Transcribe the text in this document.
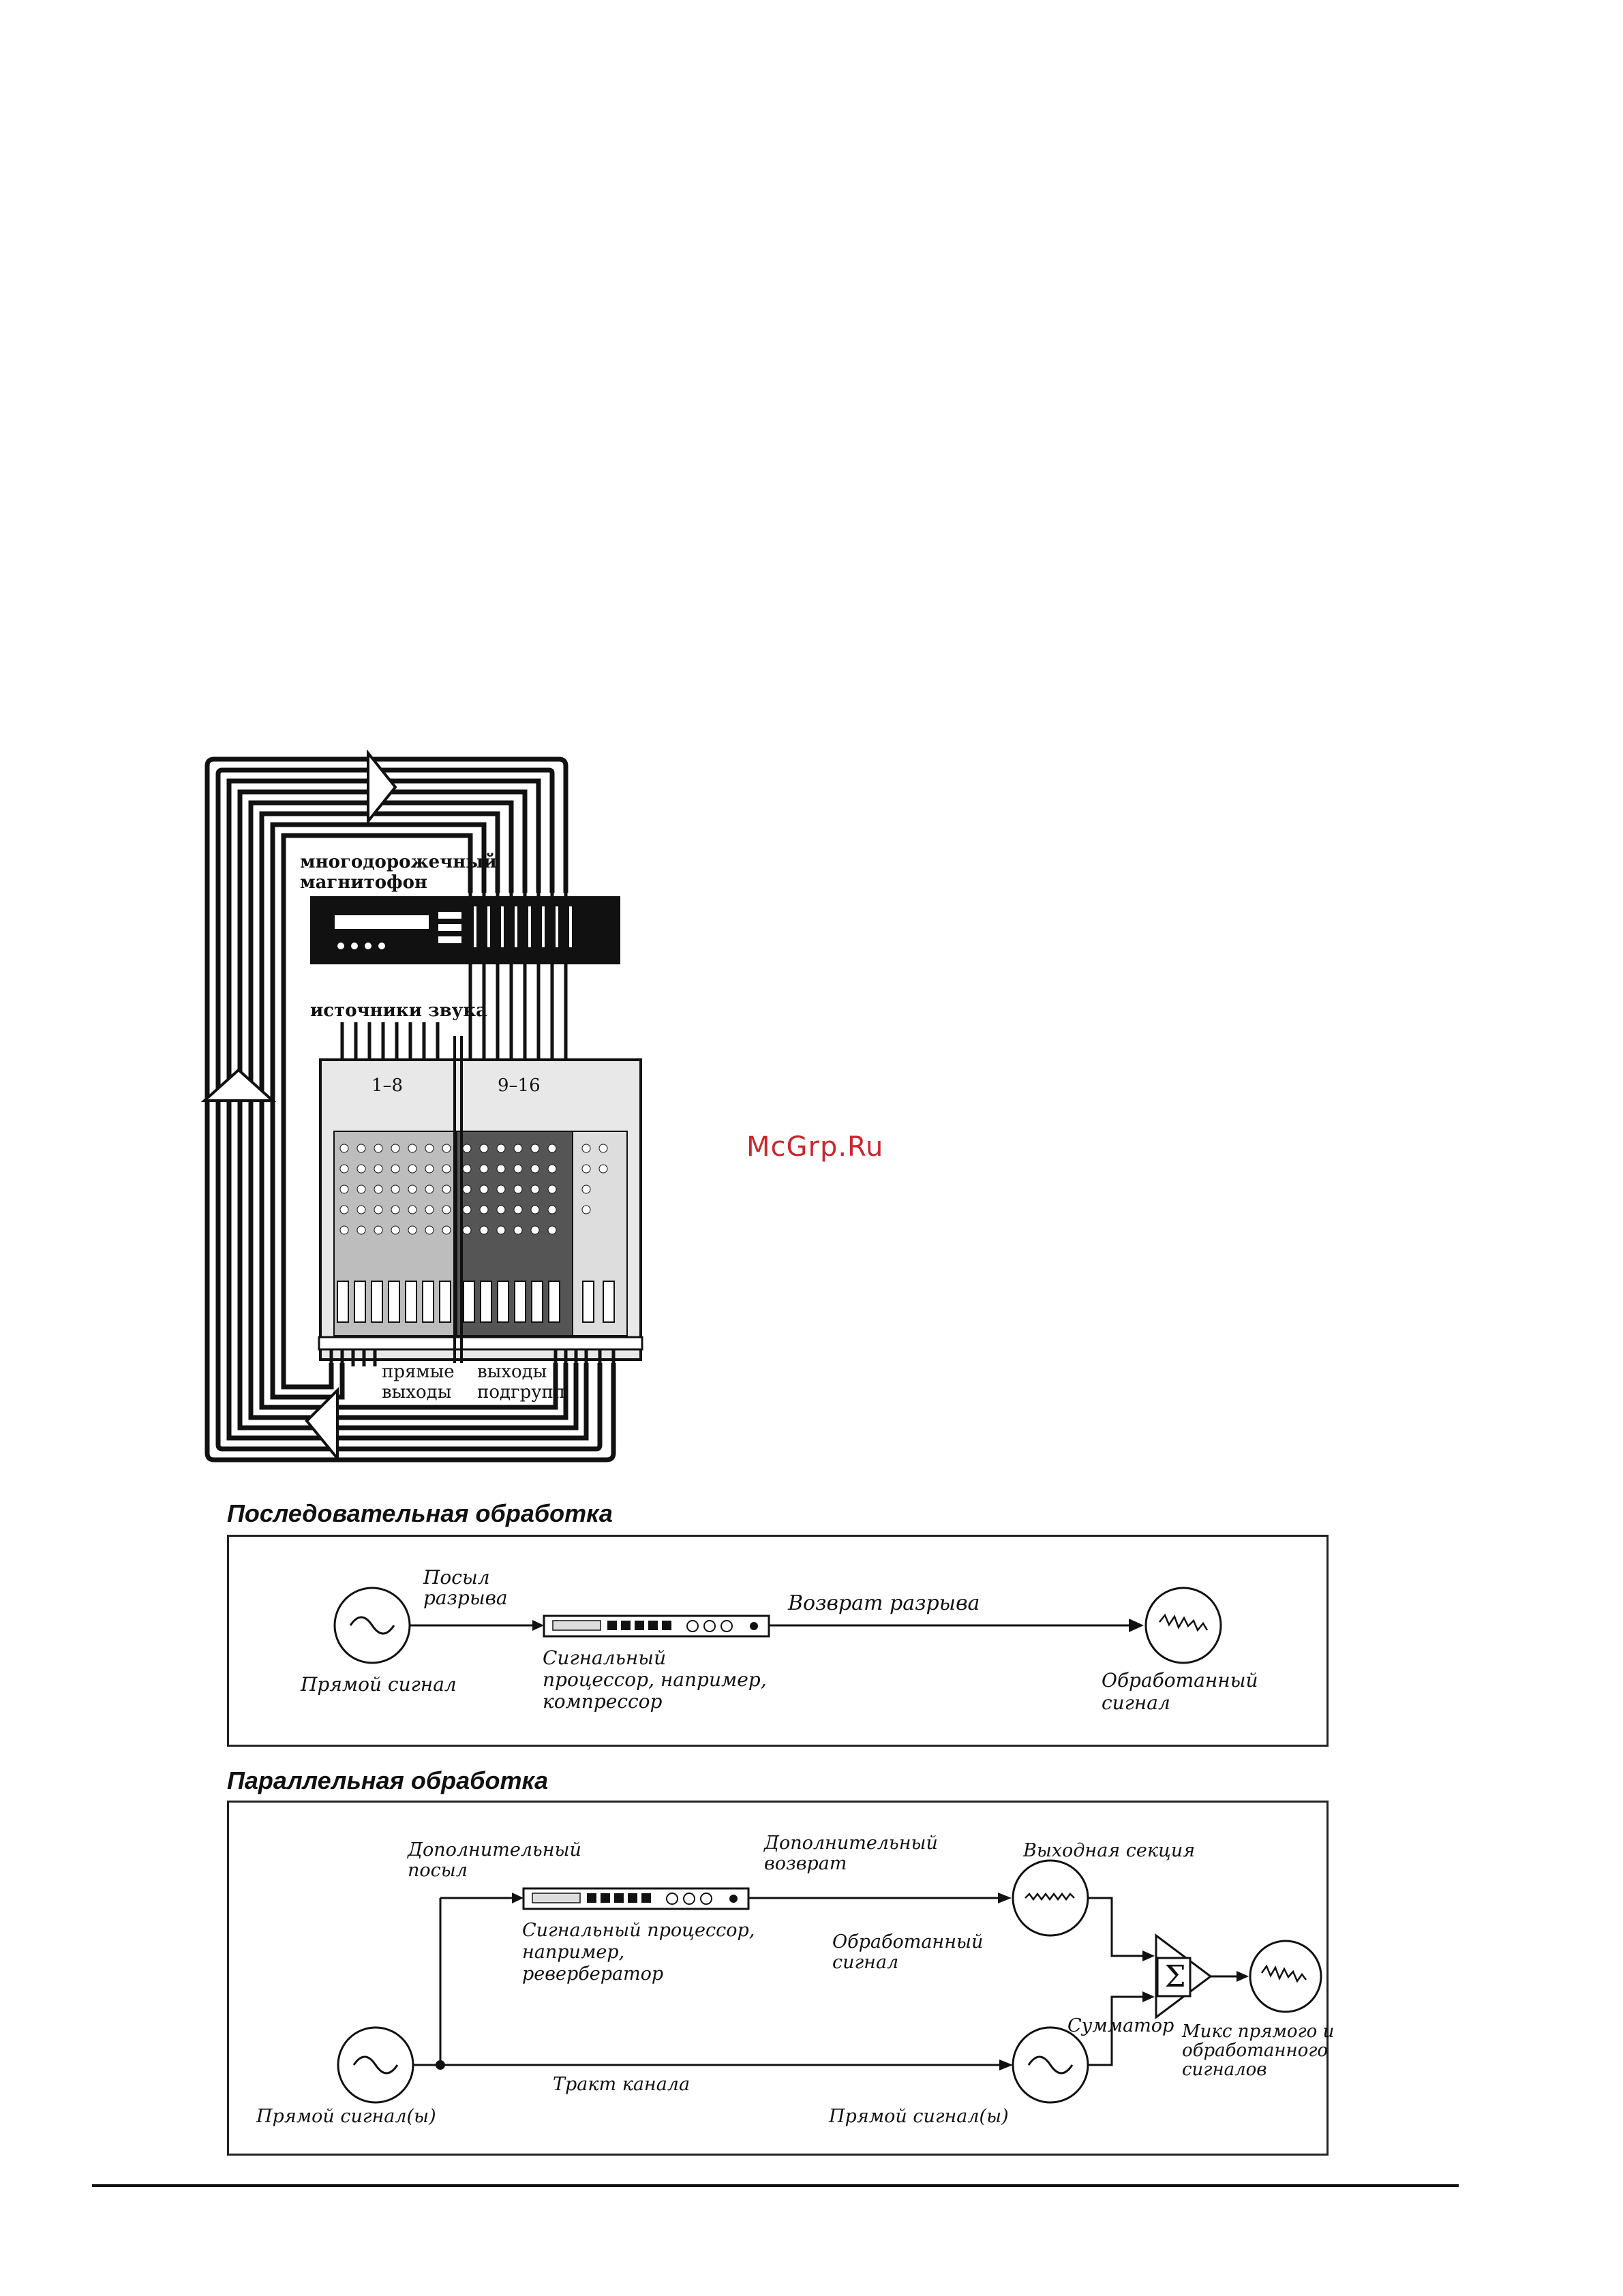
многодорожечный магнитофон
источники звука
1–8	9–16
прямые выходы
выходы подгрупп
McGrp.Ru
Последовательная обработка
Посыл разрыва	Возврат разрыва
Сигнальный процессор, например, компрессор
Прямой сигнал	Обработанный сигнал
Параллельная обработка
Σ
Дополнительный посыл
Дополнительный возврат
Выходная секция
Сигнальный процессор, например, ревербератор
Обработанный сигнал
Сумматор Микс прямого и обработанного сигналов
Тракт канала
Прямой сигнал(ы)	Прямой сигнал(ы)
